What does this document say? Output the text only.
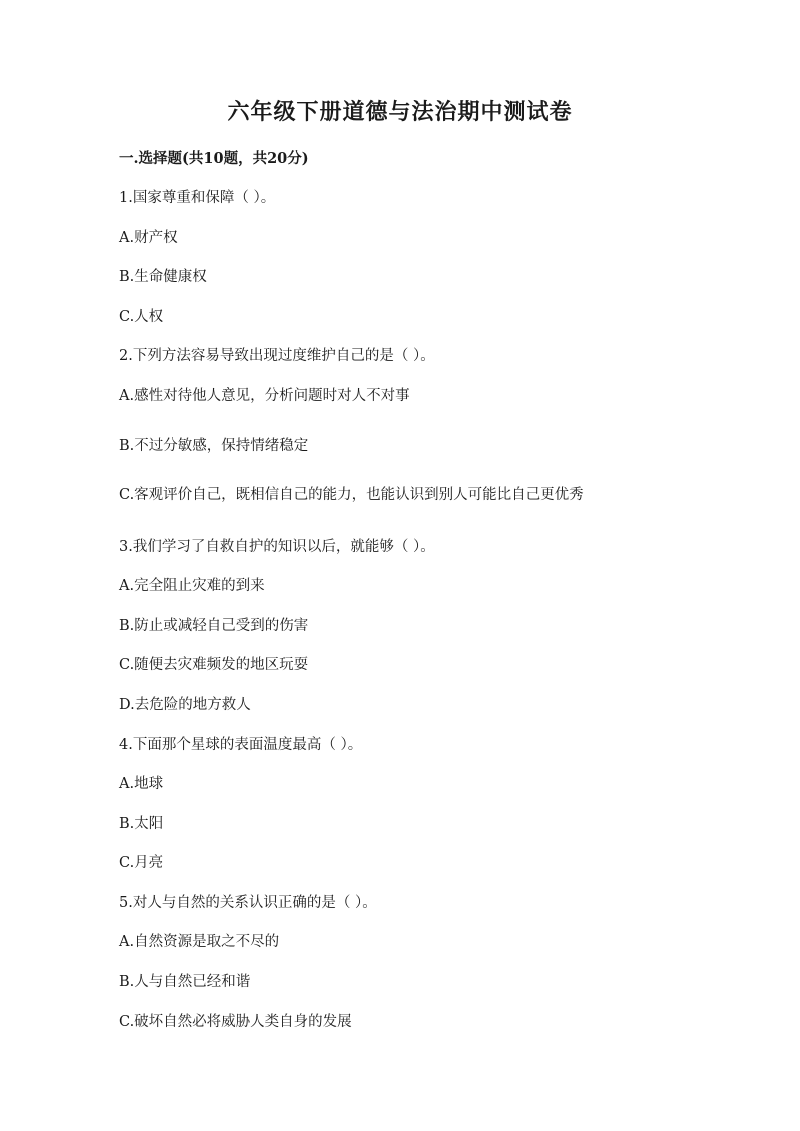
六年级下册道德与法治期中测试卷
一.选择题(共10题，共20分)
1.国家尊重和保障（ ）。
A.财产权
B.生命健康权
C.人权
2.下列方法容易导致出现过度维护自己的是（ ）。
A.感性对待他人意见，分析问题时对人不对事
B.不过分敏感，保持情绪稳定
C.客观评价自己，既相信自己的能力，也能认识到别人可能比自己更优秀
3.我们学习了自救自护的知识以后，就能够（ ）。
A.完全阻止灾难的到来
B.防止或减轻自己受到的伤害
C.随便去灾难频发的地区玩耍
D.去危险的地方救人
4.下面那个星球的表面温度最高（ ）。
A.地球
B.太阳
C.月亮
5.对人与自然的关系认识正确的是（ ）。
A.自然资源是取之不尽的
B.人与自然已经和谐
C.破坏自然必将威胁人类自身的发展
